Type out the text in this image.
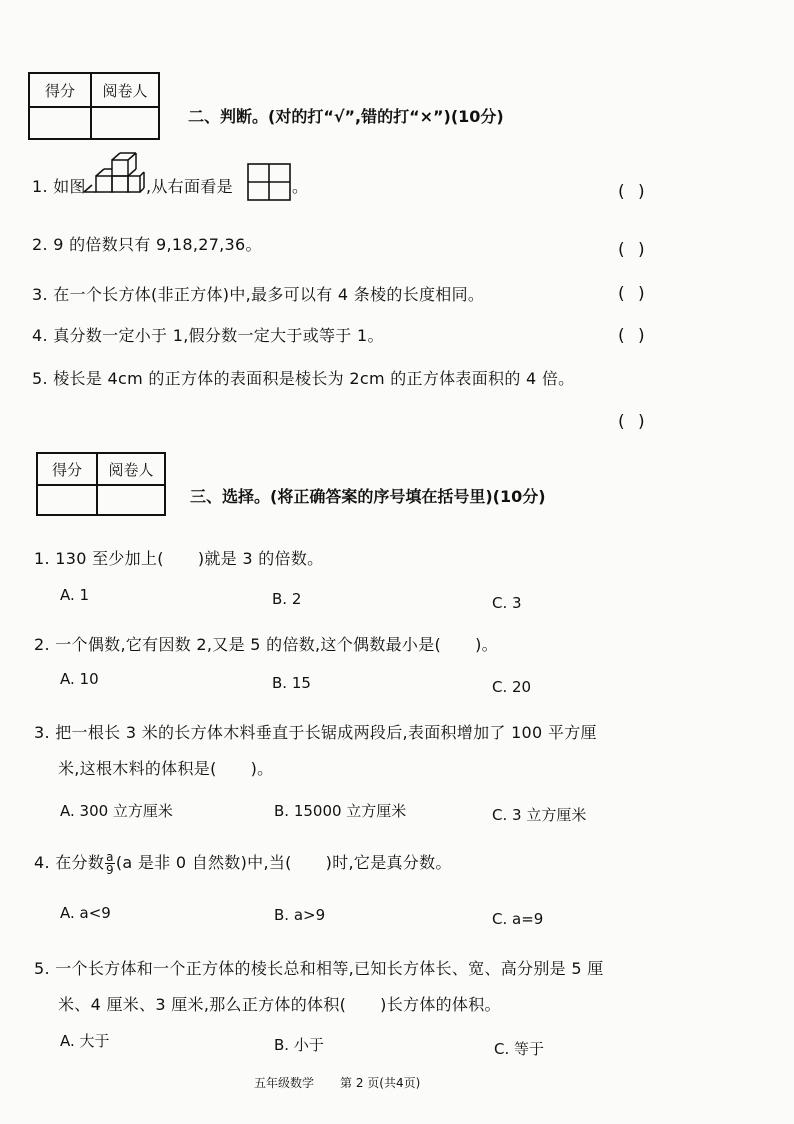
得分	阅卷人

二、判断。(对的打“√”,错的打“×”)(10分)
1. 如图	,从右面看是	。	( )
2. 9 的倍数只有 9,18,27,36。	( )
3. 在一个长方体(非正方体)中,最多可以有 4 条棱的长度相同。	( )
4. 真分数一定小于 1,假分数一定大于或等于 1。	( )
5. 棱长是 4cm 的正方体的表面积是棱长为 2cm 的正方体表面积的 4 倍。
( )
得分	阅卷人

三、选择。(将正确答案的序号填在括号里)(10分)
1. 130 至少加上( )就是 3 的倍数。
A. 1	B. 2	C. 3
2. 一个偶数,它有因数 2,又是 5 的倍数,这个偶数最小是( )。
A. 10	B. 15	C. 20
3. 把一根长 3 米的长方体木料垂直于长锯成两段后,表面积增加了 100 平方厘
米,这根木料的体积是( )。
A. 300 立方厘米	B. 15000 立方厘米	C. 3 立方厘米
4. 在分数 $\frac{a}{9} (a$ 是非 0 自然数)中,当( )时,它是真分数。
A. a<9	B. a>9	C. a=9
5. 一个长方体和一个正方体的棱长总和相等,已知长方体长、宽、高分别是 5 厘
米、4 厘米、3 厘米,那么正方体的体积( )长方体的体积。
A. 大于	B. 小于	C. 等于
五年级数学 第 2 页(共4页)
